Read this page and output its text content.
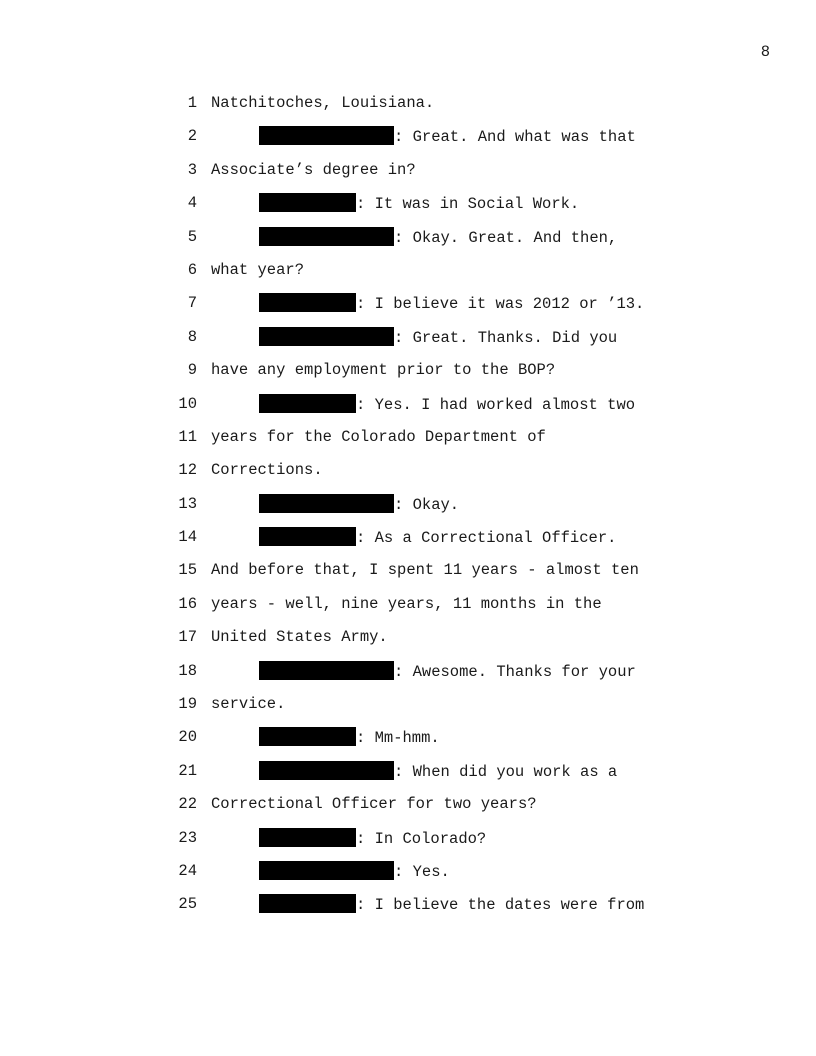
8
1 Natchitoches, Louisiana.
2	: Great. And what was that
3 Associate’s degree in?
4	: It was in Social Work.
5	: Okay. Great. And then,
6 what year?
7	: I believe it was 2012 or ’13.
8	: Great. Thanks. Did you
9 have any employment prior to the BOP?
10	: Yes. I had worked almost two
11 years for the Colorado Department of
12 Corrections.
13	: Okay.
14	: As a Correctional Officer.
15 And before that, I spent 11 years - almost ten
16 years - well, nine years, 11 months in the
17 United States Army.
18	: Awesome. Thanks for your
19 service.
20	: Mm-hmm.
21	: When did you work as a
22 Correctional Officer for two years?
23	: In Colorado?
24	: Yes.
25	: I believe the dates were from
